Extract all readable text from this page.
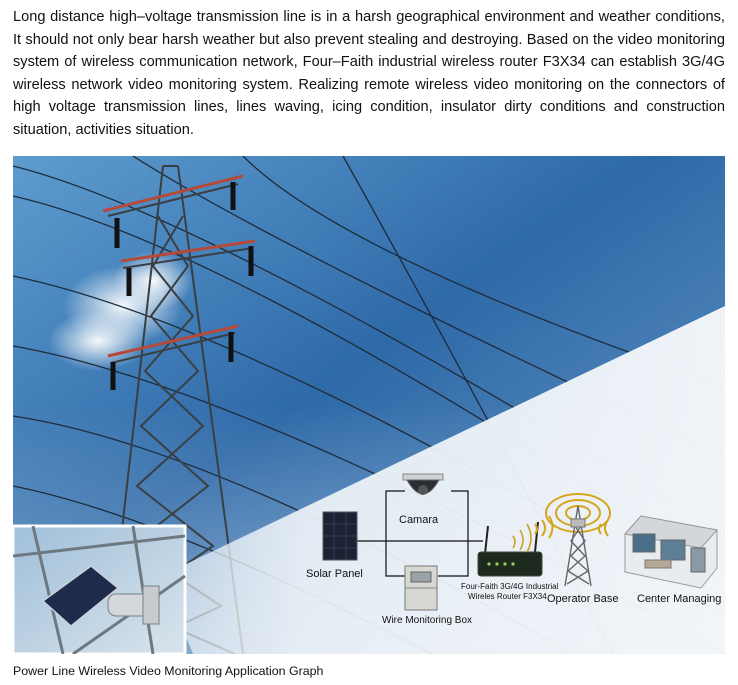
Long distance high–voltage transmission line is in a harsh geographical environment and weather conditions, It should not only bear harsh weather but also prevent stealing and destroying. Based on the video monitoring system of wireless communication network, Four–Faith industrial wireless router F3X34 can establish 3G/4G wireless network video monitoring system. Realizing remote wireless video monitoring on the connectors of high voltage transmission lines, lines waving, icing condition, insulator dirty conditions and construction situation, activities situation.

Solar Panel
Camara
Wire Monitoring Box
Four-Faith 3G/4G Industrial
Wireles Router F3X34 Operator Base Center Managing

Power Line Wireless Video Monitoring Application Graph
